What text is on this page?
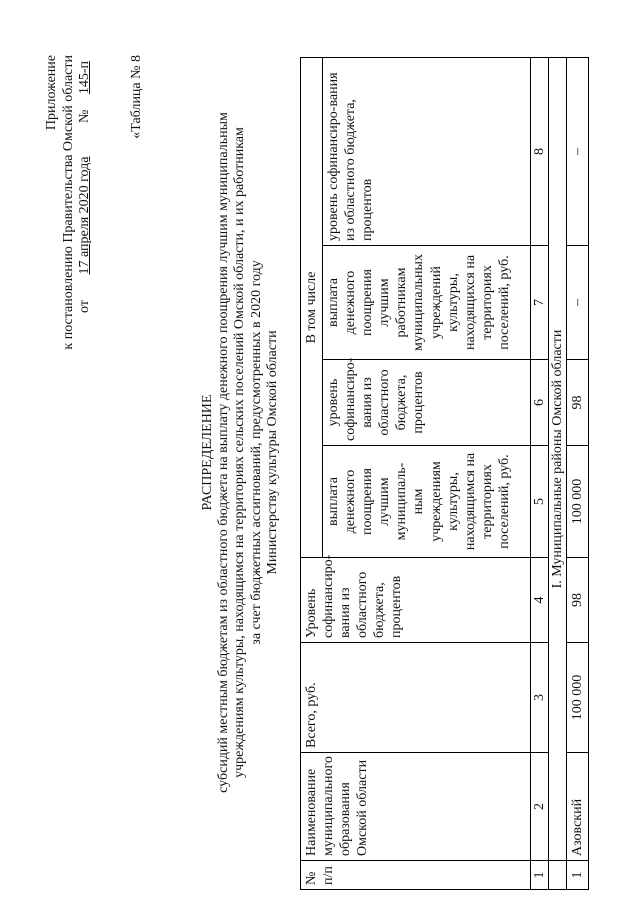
Приложение к постановлению Правительства Омской области от 17 апреля 2020 года № 145-п	«Таблица № 8
РАСПРЕДЕЛЕНИЕ субсидий местным бюджетам из областного бюджета на выплату денежного поощрения лучшим муниципальным учреждениям культуры, находящимся на территориях сельских поселений Омской области, и их работникам за счет бюджетных ассигнований, предусмотренных в 2020 году Министерству культуры Омской области
№ п/п	Наименование муниципального образования Омской области	Всего, руб.	Уровень софинансиро-вания из областного бюджета, процентов	В том числе			
				выплата денежного поощрения лучшим муниципаль-ным учреждениям культуры, находящимся на территориях поселений, руб.	уровень софинансиро-вания из областного бюджета, процентов	выплата денежного поощрения лучшим работникам муниципальных учреждений культуры, находящихся на территориях поселений, руб.	уровень софинансиро-вания из областного бюджета, процентов
1	2	3	4	5	6	7	8
	I. Муниципальные районы Омской области						
1	Азовский	100 000	98	100 000	98	–	–
